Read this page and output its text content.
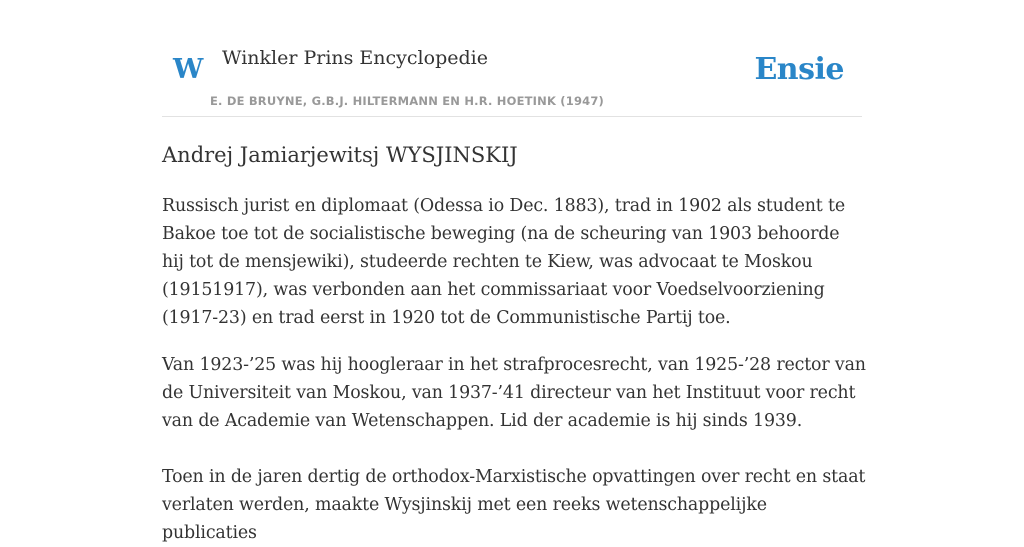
W Winkler Prins Encyclopedie
E. DE BRUYNE, G.B.J. HILTERMANN EN H.R. HOETINK (1947)
Ensie
Andrej Jamiarjewitsj WYSJINSKIJ

Russisch jurist en diplomaat (Odessa io Dec. 1883), trad in 1902 als student te Bakoe toe tot de socialistische beweging (na de scheuring van 1903 behoorde hij tot de mensjewiki), studeerde rechten te Kiew, was advocaat te Moskou (19151917), was verbonden aan het commissariaat voor Voedselvoorziening (1917-23) en trad eerst in 1920 tot de Communistische Partij toe.

Van 1923-’25 was hij hoogleraar in het strafprocesrecht, van 1925-’28 rector van de Universiteit van Moskou, van 1937-’41 directeur van het Instituut voor recht van de Academie van Wetenschappen. Lid der academie is hij sinds 1939.

Toen in de jaren dertig de orthodox-Marxistische opvattingen over recht en staat verlaten werden, maakte Wysjinskij met een reeks wetenschappelijke publicaties
